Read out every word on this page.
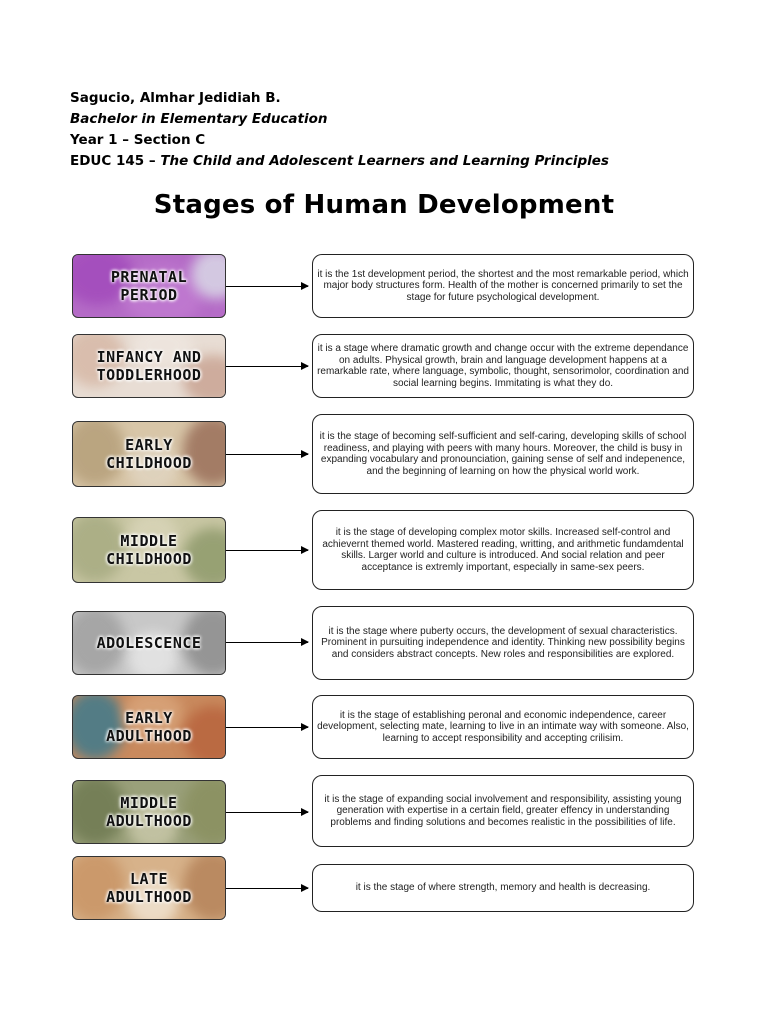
Sagucio, Almhar Jedidiah B.
Bachelor in Elementary Education
Year 1 – Section C
EDUC 145 – The Child and Adolescent Learners and Learning Principles
Stages of Human Development
PRENATAL
PERIOD
it is the 1st development period, the shortest and the most remarkable period, which major body structures form. Health of the mother is concerned primarily to set the stage for future psychological development.
INFANCY AND
TODDLERHOOD
it is a stage where dramatic growth and change occur with the extreme dependance on adults. Physical growth, brain and language development happens at a remarkable rate, where language, symbolic, thought, sensorimolor, coordination and social learning begins. Immitating is what they do.
EARLY
CHILDHOOD
it is the stage of becoming self-sufficient and self-caring, developing skills of school readiness, and playing with peers with many hours. Moreover, the child is busy in expanding vocabulary and pronounciation, gaining sense of self and indepenence, and the beginning of learning on how the physical world work.
MIDDLE
CHILDHOOD
it is the stage of developing complex motor skills. Increased self-control and achievernt themed world. Mastered reading, writting, and arithmetic fundamdental skills. Larger world and culture is introduced. And social relation and peer acceptance is extremly important, especially in same-sex peers.
ADOLESCENCE
it is the stage where puberty occurs, the development of sexual characteristics. Prominent in pursuiting independence and identity. Thinking new possibility begins and considers abstract concepts. New roles and responsibilities are explored.
EARLY
ADULTHOOD
it is the stage of establishing peronal and economic independence, career development, selecting mate, learning to live in an intimate way with someone. Also, learning to accept responsibility and accepting crilisim.
MIDDLE
ADULTHOOD
it is the stage of expanding social involvement and responsibility, assisting young generation with expertise in a certain field, greater effency in understanding problems and finding solutions and becomes realistic in the possibilities of life.
LATE
ADULTHOOD
it is the stage of where strength, memory and health is decreasing.
